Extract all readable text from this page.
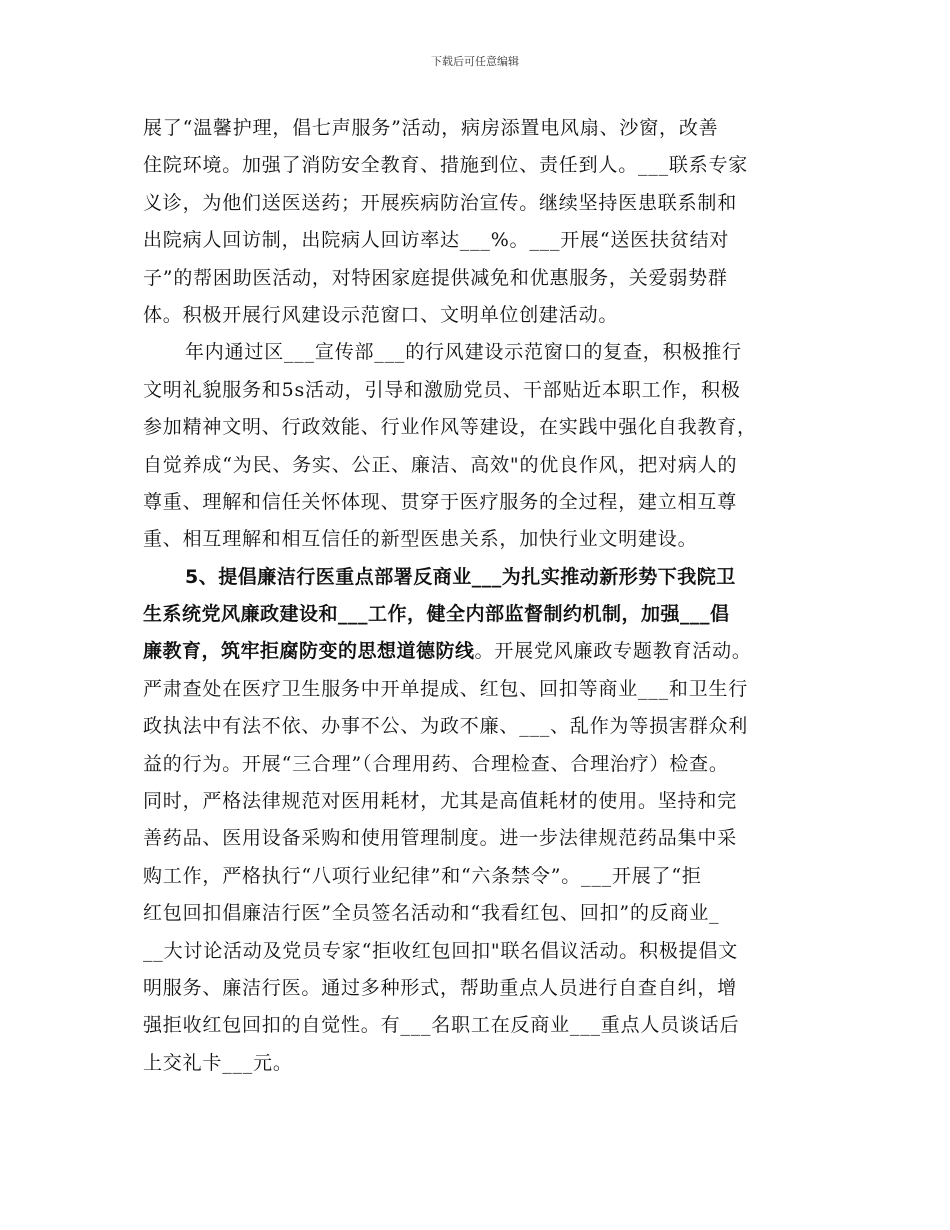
下载后可任意编辑
展了“温馨护理，倡七声服务”活动，病房添置电风扇、沙窗，改善
住院环境。加强了消防安全教育、措施到位、责任到人。___联系专家
义诊，为他们送医送药；开展疾病防治宣传。继续坚持医患联系制和
出院病人回访制，出院病人回访率达___%。___开展“送医扶贫结对
子”的帮困助医活动，对特困家庭提供减免和优惠服务，关爱弱势群
体。积极开展行风建设示范窗口、文明单位创建活动。
年内通过区___宣传部___的行风建设示范窗口的复查，积极推行
文明礼貌服务和5s活动，引导和激励党员、干部贴近本职工作，积极
参加精神文明、行政效能、行业作风等建设，在实践中强化自我教育，
自觉养成“为民、务实、公正、廉洁、高效"的优良作风，把对病人的
尊重、理解和信任关怀体现、贯穿于医疗服务的全过程，建立相互尊
重、相互理解和相互信任的新型医患关系，加快行业文明建设。
5、提倡廉洁行医重点部署反商业___为扎实推动新形势下我院卫
生系统党风廉政建设和___工作，健全内部监督制约机制，加强___倡
廉教育，筑牢拒腐防变的思想道德防线。开展党风廉政专题教育活动。
严肃查处在医疗卫生服务中开单提成、红包、回扣等商业___和卫生行
政执法中有法不依、办事不公、为政不廉、___、乱作为等损害群众利
益的行为。开展“三合理”（合理用药、合理检查、合理治疗）检查。
同时，严格法律规范对医用耗材，尤其是高值耗材的使用。坚持和完
善药品、医用设备采购和使用管理制度。进一步法律规范药品集中采
购工作，严格执行“八项行业纪律”和“六条禁令”。___开展了“拒
红包回扣倡廉洁行医”全员签名活动和“我看红包、回扣”的反商业_
__大讨论活动及党员专家“拒收红包回扣"联名倡议活动。积极提倡文
明服务、廉洁行医。通过多种形式，帮助重点人员进行自查自纠，增
强拒收红包回扣的自觉性。有___名职工在反商业___重点人员谈话后
上交礼卡___元。
